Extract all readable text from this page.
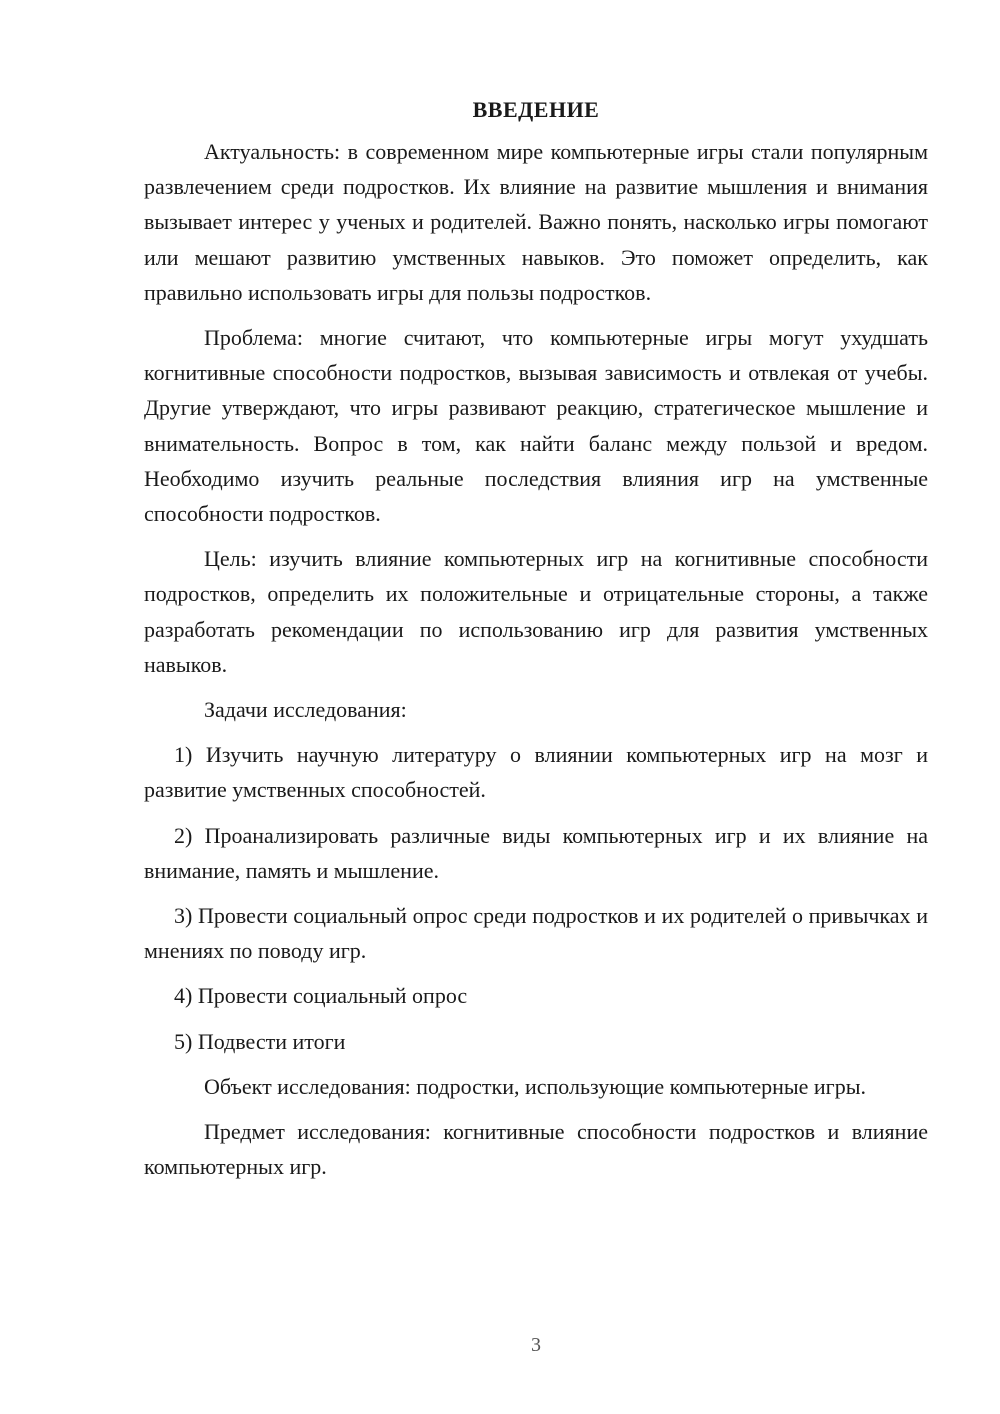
ВВЕДЕНИЕ

Актуальность: в современном мире компьютерные игры стали популярным развлечением среди подростков. Их влияние на развитие мышления и внимания вызывает интерес у ученых и родителей. Важно понять, насколько игры помогают или мешают развитию умственных навыков. Это поможет определить, как правильно использовать игры для пользы подростков.

Проблема: многие считают, что компьютерные игры могут ухудшать когнитивные способности подростков, вызывая зависимость и отвлекая от учебы. Другие утверждают, что игры развивают реакцию, стратегическое мышление и внимательность. Вопрос в том, как найти баланс между пользой и вредом. Необходимо изучить реальные последствия влияния игр на умственные способности подростков.

Цель: изучить влияние компьютерных игр на когнитивные способности подростков, определить их положительные и отрицательные стороны, а также разработать рекомендации по использованию игр для развития умственных навыков.

Задачи исследования:

1) Изучить научную литературу о влиянии компьютерных игр на мозг и развитие умственных способностей.

2) Проанализировать различные виды компьютерных игр и их влияние на внимание, память и мышление.

3) Провести социальный опрос среди подростков и их родителей о привычках и мнениях по поводу игр.

4) Провести социальный опрос

5) Подвести итоги

Объект исследования: подростки, использующие компьютерные игры.

Предмет исследования: когнитивные способности подростков и влияние компьютерных игр.

3
